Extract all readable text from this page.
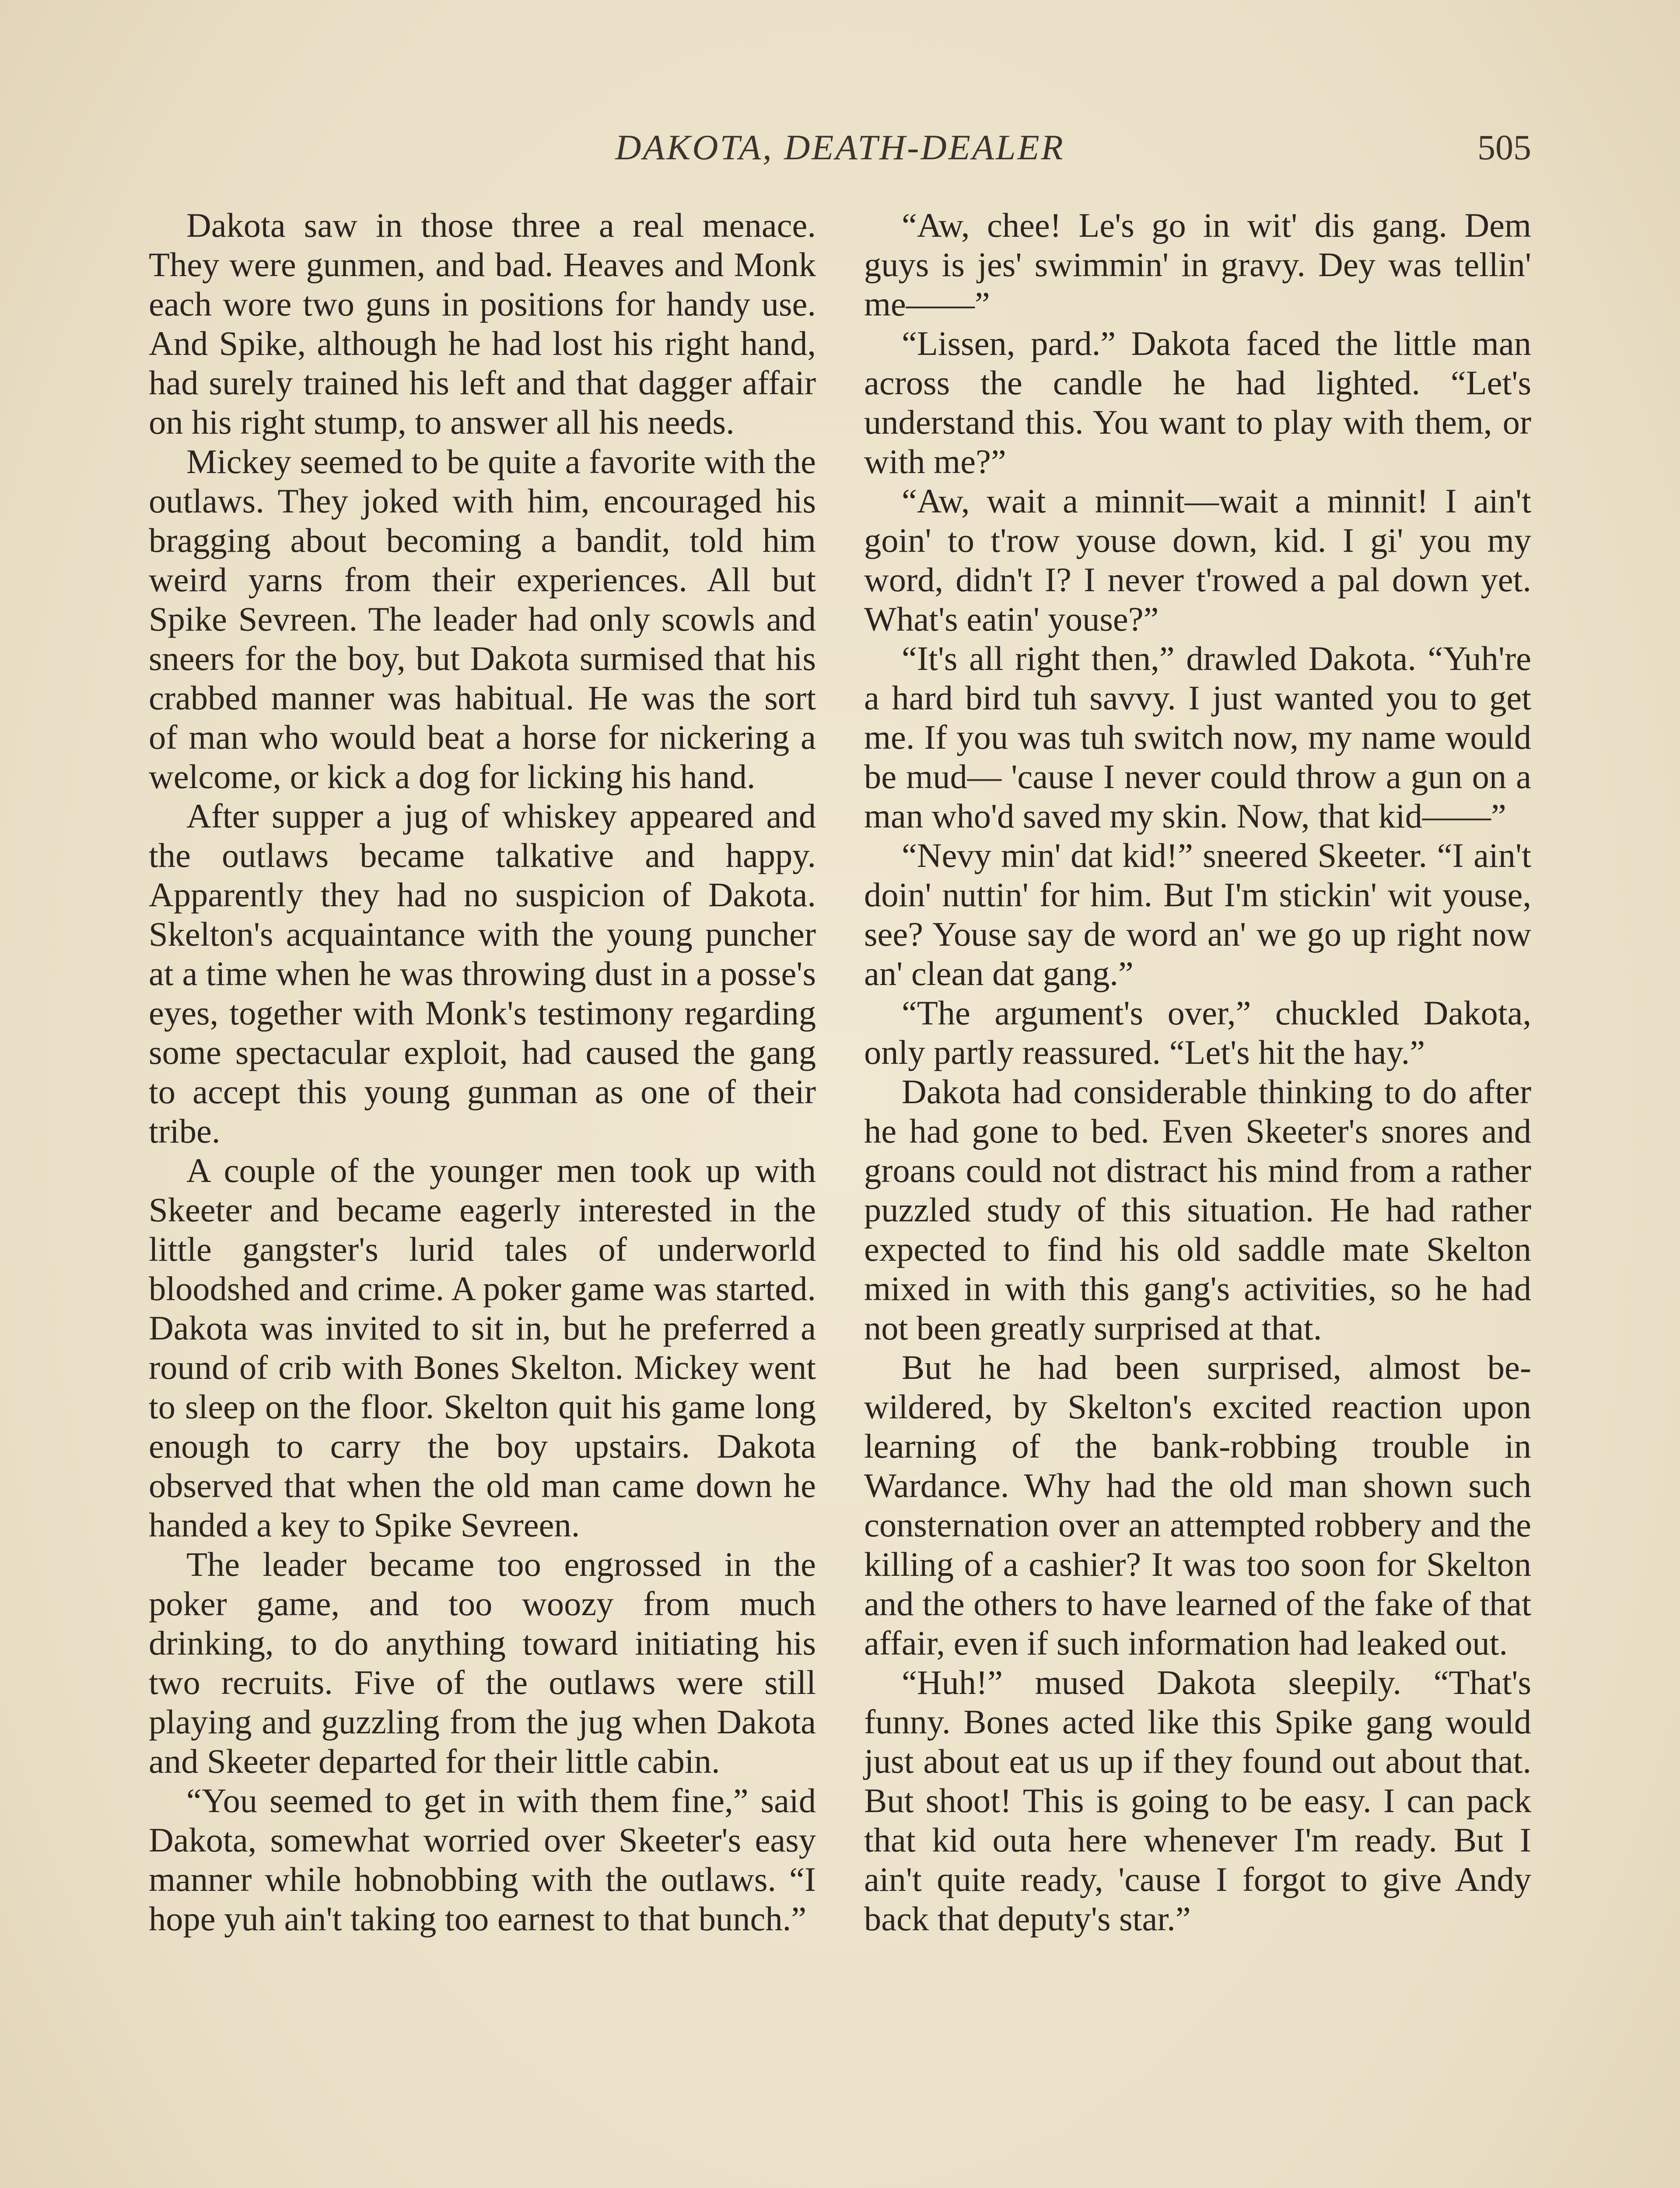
DAKOTA, DEATH-DEALER	505

Dakota saw in those three a real menace. They were gunmen, and bad. Heaves and Monk each wore two guns in positions for handy use. And Spike, although he had lost his right hand, had surely trained his left and that dagger affair on his right stump, to answer all his needs.

Mickey seemed to be quite a favorite with the outlaws. They joked with him, encouraged his bragging about becoming a bandit, told him weird yarns from their experiences. All but Spike Sevreen. The leader had only scowls and sneers for the boy, but Dakota surmised that his crabbed manner was habitual. He was the sort of man who would beat a horse for nickering a welcome, or kick a dog for licking his hand.

After supper a jug of whiskey appeared and the outlaws became talkative and happy. Apparently they had no suspicion of Dakota. Skelton's acquaintance with the young puncher at a time when he was throwing dust in a posse's eyes, together with Monk's testimony regarding some spectacular exploit, had caused the gang to accept this young gunman as one of their tribe.

A couple of the younger men took up with Skeeter and became eagerly interested in the little gangster's lurid tales of underworld bloodshed and crime. A poker game was started. Dakota was invited to sit in, but he preferred a round of crib with Bones Skelton. Mickey went to sleep on the floor. Skelton quit his game long enough to carry the boy upstairs. Dakota observed that when the old man came down he handed a key to Spike Sevreen.

The leader became too engrossed in the poker game, and too woozy from much drinking, to do anything toward initiating his two recruits. Five of the outlaws were still playing and guzzling from the jug when Dakota and Skeeter departed for their little cabin.

“You seemed to get in with them fine,” said Dakota, somewhat worried over Skeeter's easy manner while hobnobbing with the outlaws. “I hope yuh ain't taking too earnest to that bunch.”

“Aw, chee! Le's go in wit' dis gang. Dem guys is jes' swimmin' in gravy. Dey was tellin' me——”

“Lissen, pard.” Dakota faced the little man across the candle he had lighted. “Let's understand this. You want to play with them, or with me?”

“Aw, wait a minnit—wait a minnit! I ain't goin' to t'row youse down, kid. I gi' you my word, didn't I? I never t'rowed a pal down yet. What's eatin' youse?”

“It's all right then,” drawled Dakota. “Yuh're a hard bird tuh savvy. I just wanted you to get me. If you was tuh switch now, my name would be mud— 'cause I never could throw a gun on a man who'd saved my skin. Now, that kid——”

“Nevy min' dat kid!” sneered Skeeter. “I ain't doin' nuttin' for him. But I'm stickin' wit youse, see? Youse say de word an' we go up right now an' clean dat gang.”

“The argument's over,” chuckled Dakota, only partly reassured. “Let's hit the hay.”

Dakota had considerable thinking to do after he had gone to bed. Even Skeeter's snores and groans could not distract his mind from a rather puzzled study of this situation. He had rather expected to find his old saddle mate Skelton mixed in with this gang's activities, so he had not been greatly surprised at that.

But he had been surprised, almost bewildered, by Skelton's excited reaction upon learning of the bank-robbing trouble in Wardance. Why had the old man shown such consternation over an attempted robbery and the killing of a cashier? It was too soon for Skelton and the others to have learned of the fake of that affair, even if such information had leaked out.

“Huh!” mused Dakota sleepily. “That's funny. Bones acted like this Spike gang would just about eat us up if they found out about that. But shoot! This is going to be easy. I can pack that kid outa here whenever I'm ready. But I ain't quite ready, 'cause I forgot to give Andy back that deputy's star.”
